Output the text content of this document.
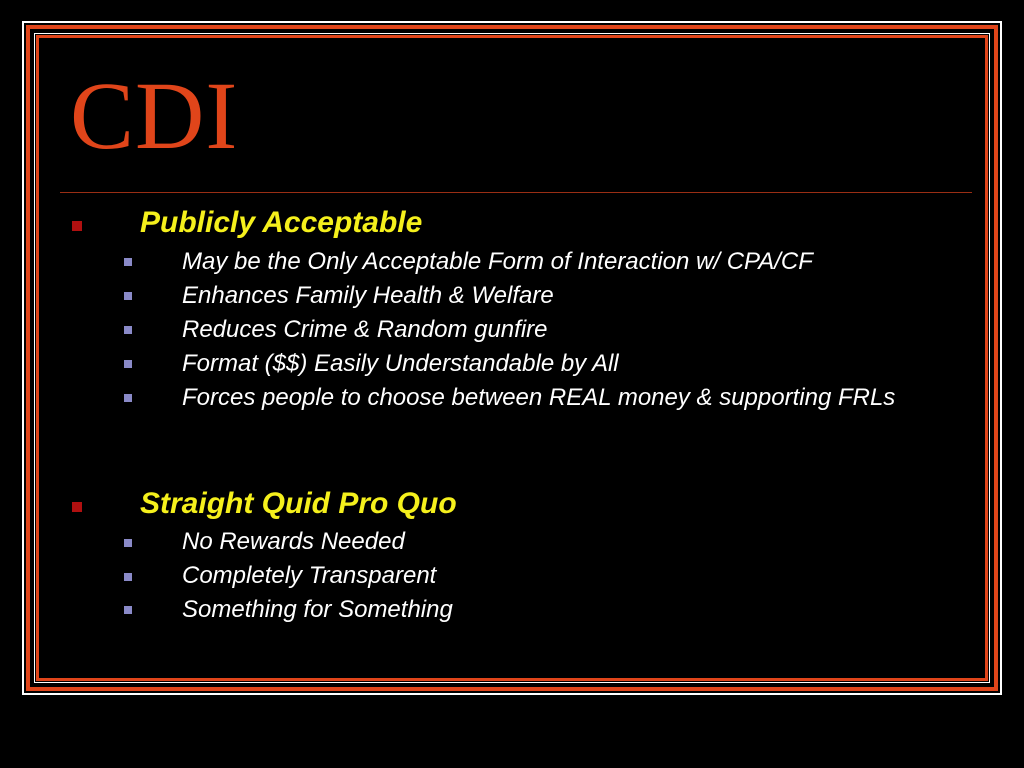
CDI
Publicly Acceptable
May be the Only Acceptable Form of Interaction w/ CPA/CF
Enhances Family Health & Welfare
Reduces Crime & Random gunfire
Format ($$) Easily Understandable by All
Forces people to choose between REAL money & supporting FRLs
Straight Quid Pro Quo
No Rewards Needed
Completely Transparent
Something for Something
